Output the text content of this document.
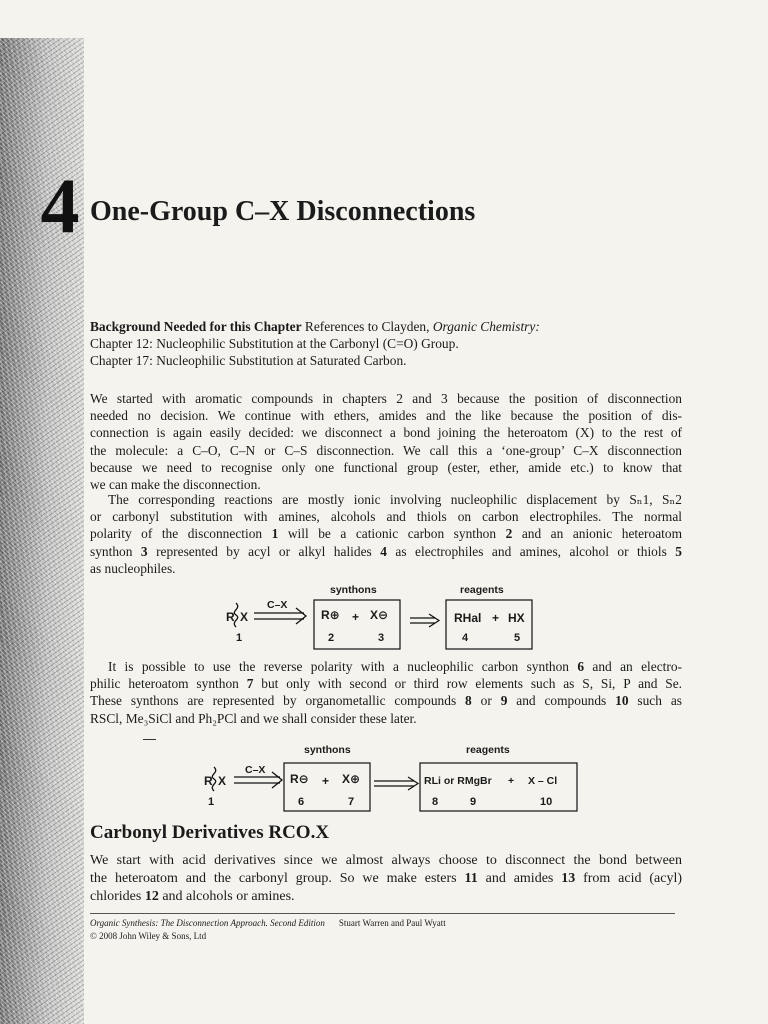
4 One-Group C–X Disconnections
Background Needed for this Chapter References to Clayden, Organic Chemistry:
Chapter 12: Nucleophilic Substitution at the Carbonyl (C=O) Group.
Chapter 17: Nucleophilic Substitution at Saturated Carbon.
We started with aromatic compounds in chapters 2 and 3 because the position of disconnection
needed no decision. We continue with ethers, amides and the like because the position of dis-
connection is again easily decided: we disconnect a bond joining the heteroatom (X) to the rest of
the molecule: a C–O, C–N or C–S disconnection. We call this a ‘one-group’ C–X disconnection
because we need to recognise only one functional group (ester, ether, amide etc.) to know that
we can make the disconnection.
The corresponding reactions are mostly ionic involving nucleophilic displacement by Sₙ1, Sₙ2
or carbonyl substitution with amines, alcohols and thiols on carbon electrophiles. The normal
polarity of the disconnection 1 will be a cationic carbon synthon 2 and an anionic heteroatom
synthon 3 represented by acyl or alkyl halides 4 as electrophiles and amines, alcohol or thiols 5
as nucleophiles.
synthons	reagents
R X
C–X
R⊕ + X⊖	RHal + HX
1	2	3	4	5
It is possible to use the reverse polarity with a nucleophilic carbon synthon 6 and an electro-
philic heteroatom synthon 7 but only with second or third row elements such as S, Si, P and Se.
These synthons are represented by organometallic compounds 8 or 9 and compounds 10 such as
RSCl, Me₃SiCl and Ph₂PCl and we shall consider these later.
synthons	reagents
R X
C–X
R⊖ + X⊕	RLi or RMgBr + X – Cl
1	6	7	8	9	10
Carbonyl Derivatives RCO.X
We start with acid derivatives since we almost always choose to disconnect the bond between
the heteroatom and the carbonyl group. So we make esters 11 and amides 13 from acid (acyl)
chlorides 12 and alcohols or amines.
Organic Synthesis: The Disconnection Approach. Second Edition Stuart Warren and Paul Wyatt
© 2008 John Wiley & Sons, Ltd
